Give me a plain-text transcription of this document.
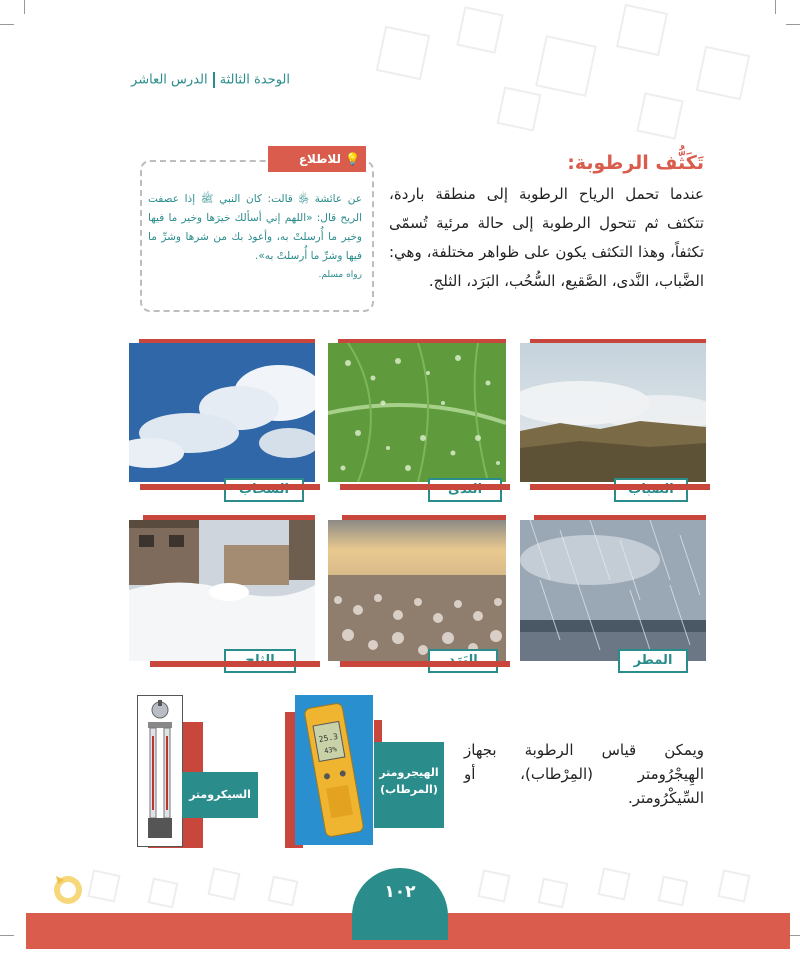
الوحدة الثالثةالدرس العاشر
💡للاطلاع
عن عائشة ﵂ قالت: كان النبي ﷺ إذا عصفت الريح قال: «اللهم إني أسألك خيرَها وخير ما فيها وخير ما أُرسلتْ به، وأعوذ بك من شرها وشرِّ ما فيها وشرِّ ما أُرسلتْ به».
رواه مسلم.
تَكَثُّف الرطوبة:
عندما تحمل الرياح الرطوبة إلى منطقة باردة، تتكثف ثم تتحول الرطوبة إلى حالة مرئية تُسمّى تكثفاً، وهذا التكثف يكون على ظواهر مختلفة، وهي: الضَّباب، النَّدى، الصَّقيع، السُّحُب، البَرَد، الثلج.
المطر
السيكرومتر
25.3
43%
الهيجرومتر (المرطاب)
ويمكن قياس الرطوبة بجهاز الهِيجْرُومتر (المِرْطاب)، أو السِّيكْرُومتر.
١٠٢
